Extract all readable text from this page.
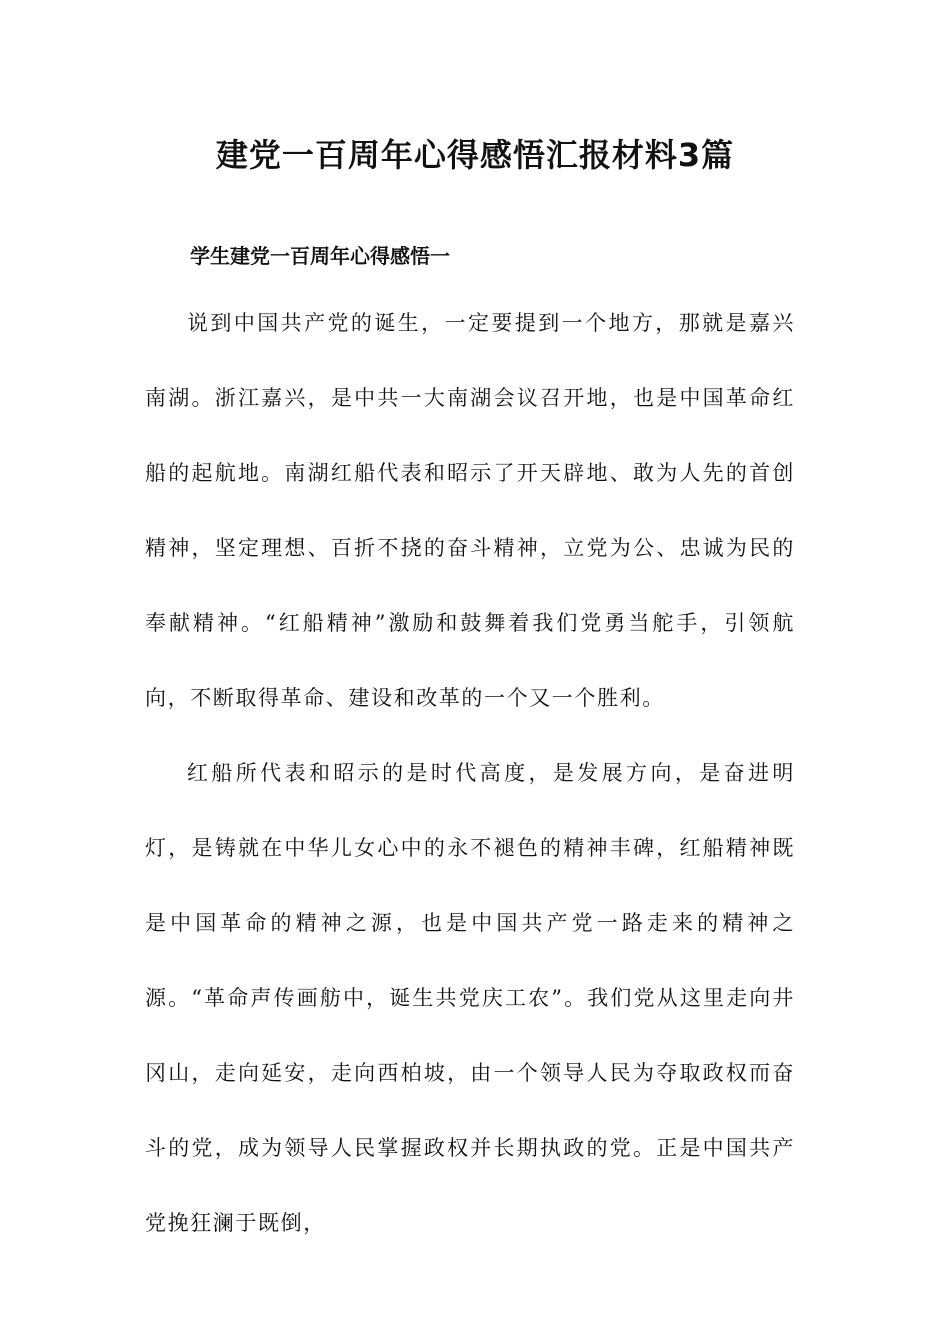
建党一百周年心得感悟汇报材料3篇
学生建党一百周年心得感悟一

说到中国共产党的诞生，一定要提到一个地方，那就是嘉兴南湖。浙江嘉兴，是中共一大南湖会议召开地，也是中国革命红船的起航地。南湖红船代表和昭示了开天辟地、敢为人先的首创精神，坚定理想、百折不挠的奋斗精神，立党为公、忠诚为民的奉献精神。“红船精神”激励和鼓舞着我们党勇当舵手，引领航向，不断取得革命、建设和改革的一个又一个胜利。

红船所代表和昭示的是时代高度，是发展方向，是奋进明灯，是铸就在中华儿女心中的永不褪色的精神丰碑，红船精神既是中国革命的精神之源，也是中国共产党一路走来的精神之源。“革命声传画舫中，诞生共党庆工农”。我们党从这里走向井冈山，走向延安，走向西柏坡，由一个领导人民为夺取政权而奋斗的党，成为领导人民掌握政权并长期执政的党。正是中国共产党挽狂澜于既倒，
